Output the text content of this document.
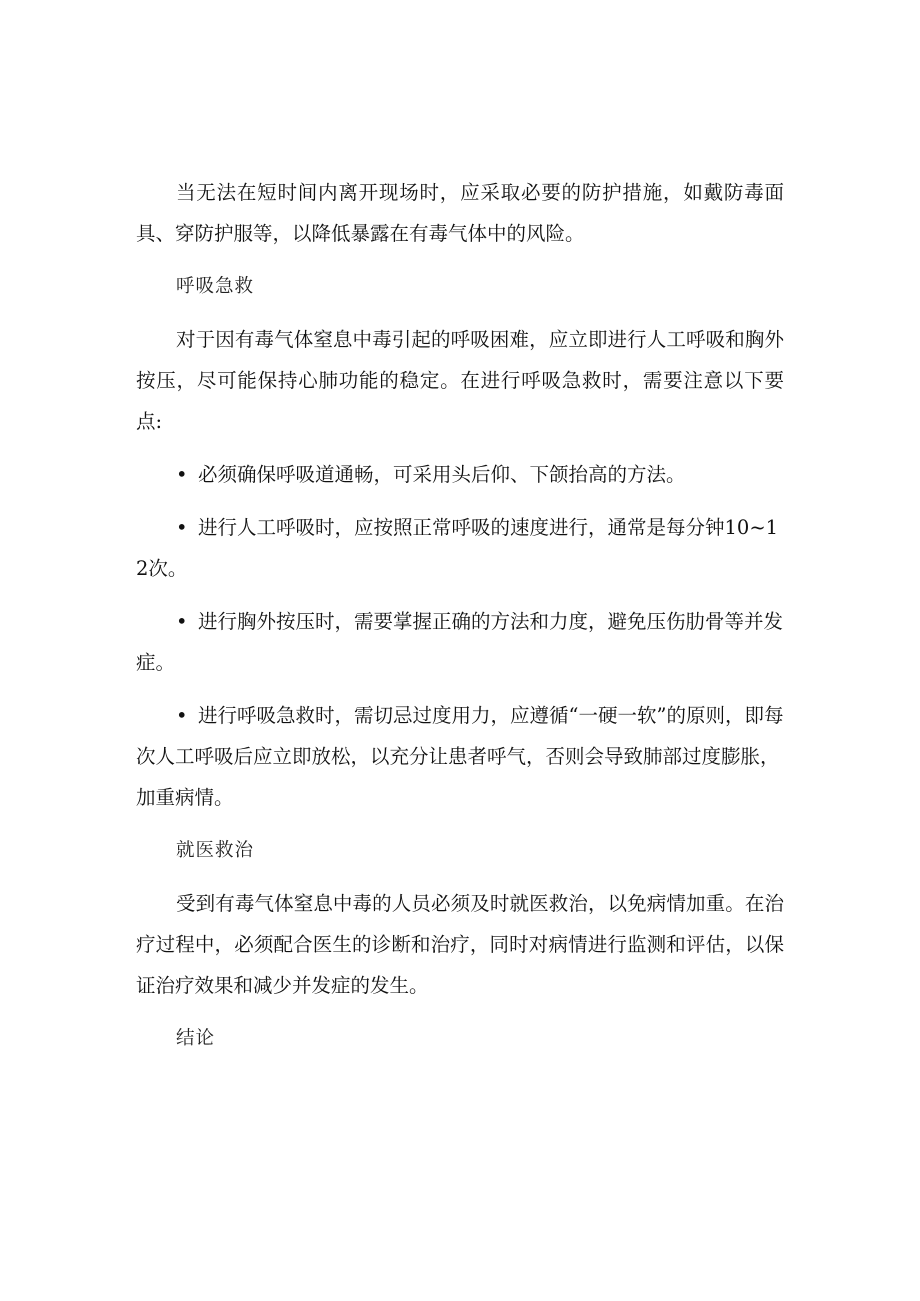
当无法在短时间内离开现场时，应采取必要的防护措施，如戴防毒面具、穿防护服等，以降低暴露在有毒气体中的风险。

呼吸急救

对于因有毒气体窒息中毒引起的呼吸困难，应立即进行人工呼吸和胸外按压，尽可能保持心肺功能的稳定。在进行呼吸急救时，需要注意以下要点:

• 必须确保呼吸道通畅，可采用头后仰、下颌抬高的方法。
• 进行人工呼吸时，应按照正常呼吸的速度进行，通常是每分钟10~12次。
• 进行胸外按压时，需要掌握正确的方法和力度，避免压伤肋骨等并发症。
• 进行呼吸急救时，需切忌过度用力，应遵循“一硬一软”的原则，即每次人工呼吸后应立即放松，以充分让患者呼气，否则会导致肺部过度膨胀，加重病情。
就医救治

受到有毒气体窒息中毒的人员必须及时就医救治，以免病情加重。在治疗过程中，必须配合医生的诊断和治疗，同时对病情进行监测和评估，以保证治疗效果和减少并发症的发生。

结论
